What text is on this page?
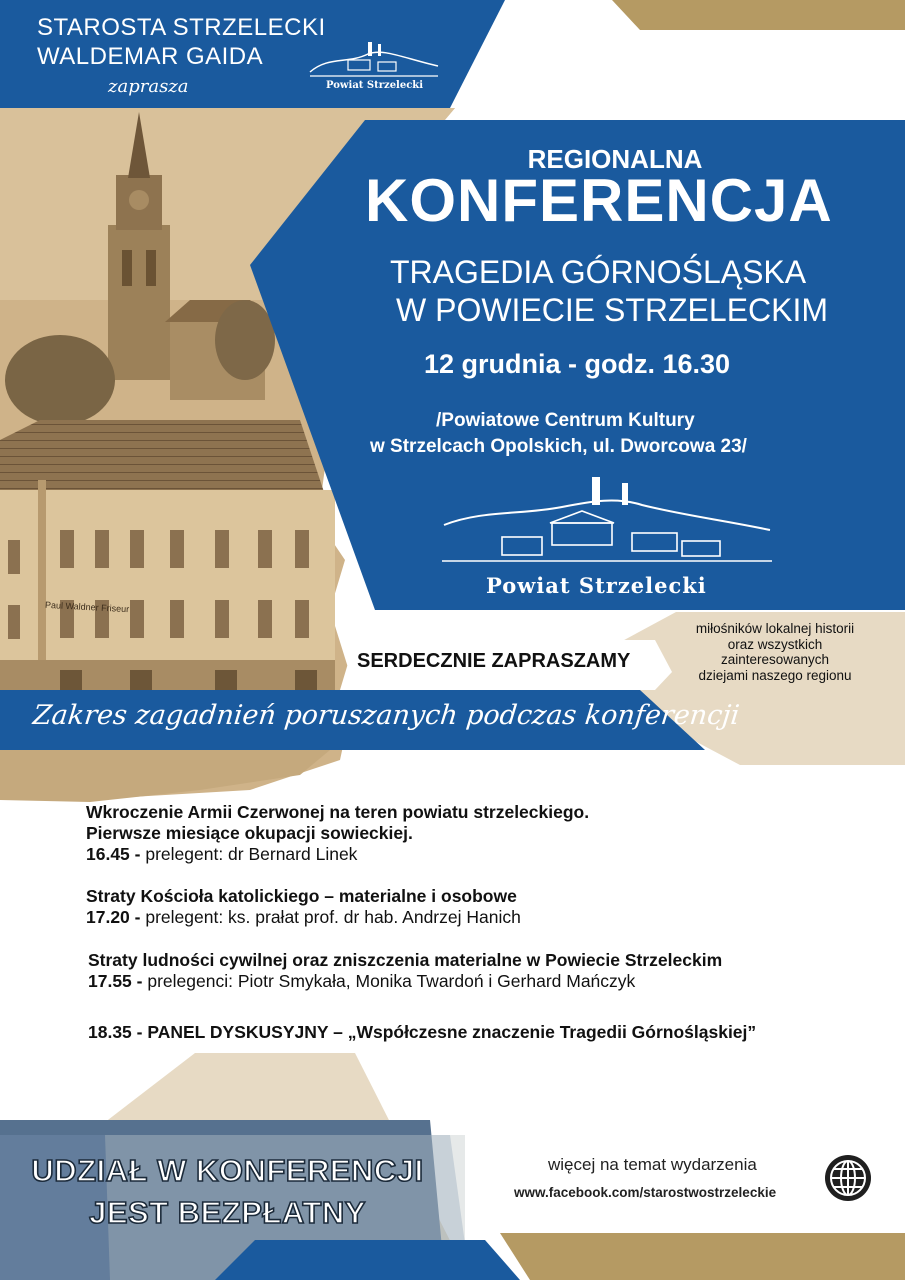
Powiat Strzelecki

STAROSTA STRZELECKI

WALDEMAR GAIDA

zaprasza

Paul Waldner Friseur

REGIONALNA

KONFERENCJA

TRAGEDIA GÓRNOŚLĄSKA

W POWIECIE STRZELECKIM

12 grudnia - godz. 16.30

/Powiatowe Centrum Kultury

w Strzelcach Opolskich, ul. Dworcowa 23/

Powiat Strzelecki

SERDECZNIE ZAPRASZAMY

miłośników lokalnej historii
oraz wszystkich
zainteresowanych
dziejami naszego regionu

Zakres zagadnień poruszanych podczas konferencji

Wkroczenie Armii Czerwonej na teren powiatu strzeleckiego.
Pierwsze miesiące okupacji sowieckiej.
16.45 - prelegent: dr Bernard Linek
Straty Kościoła katolickiego – materialne i osobowe
17.20 - prelegent: ks. prałat prof. dr hab. Andrzej Hanich
Straty ludności cywilnej oraz zniszczenia materialne w Powiecie Strzeleckim
17.55 - prelegenci: Piotr Smykała, Monika Twardoń i Gerhard Mańczyk

18.35 - PANEL DYSKUSYJNY – „Współczesne znaczenie Tragedii Górnośląskiej”

UDZIAŁ W KONFERENCJI
JEST BEZPŁATNY

więcej na temat wydarzenia

www.facebook.com/starostwostrzeleckie
